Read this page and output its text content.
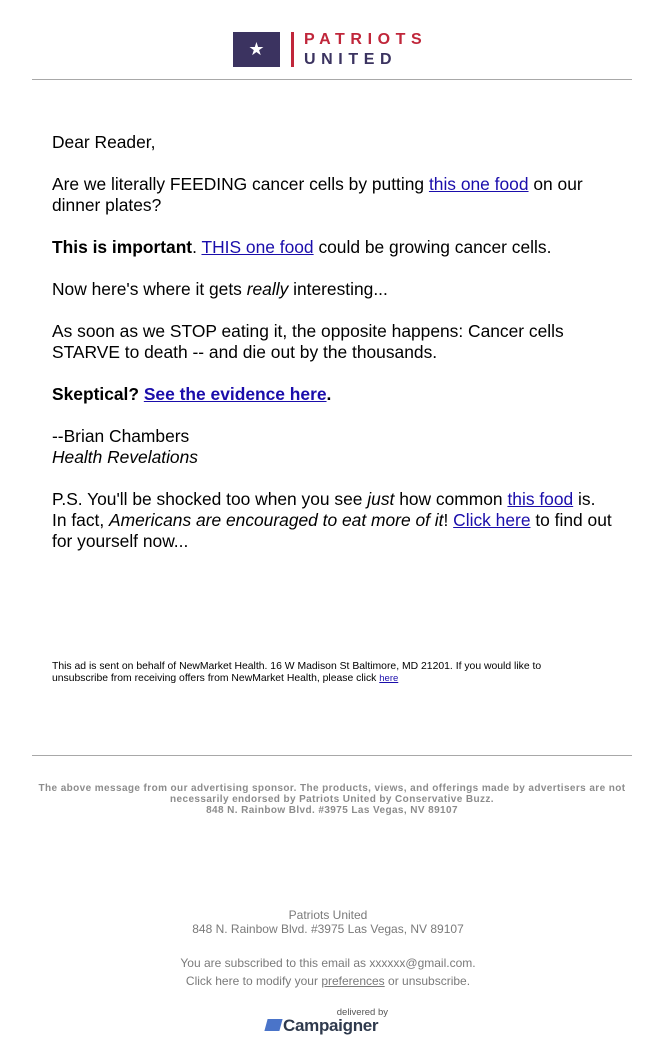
★	PATRIOTS
UNITED

Dear Reader,

Are we literally FEEDING cancer cells by putting this one food on our dinner plates?

This is important. THIS one food could be growing cancer cells.

Now here's where it gets really interesting...

As soon as we STOP eating it, the opposite happens: Cancer cells STARVE to death -- and die out by the thousands.

Skeptical? See the evidence here.

--Brian Chambers
Health Revelations

P.S. You'll be shocked too when you see just how common this food is. In fact, Americans are encouraged to eat more of it! Click here to find out for yourself now...

This ad is sent on behalf of NewMarket Health. 16 W Madison St Baltimore, MD 21201. If you would like to unsubscribe from receiving offers from NewMarket Health, please click here
The above message from our advertising sponsor. The products, views, and offerings made by advertisers are not necessarily endorsed by Patriots United by Conservative Buzz.
848 N. Rainbow Blvd. #3975 Las Vegas, NV 89107
Patriots United
848 N. Rainbow Blvd. #3975 Las Vegas, NV 89107
You are subscribed to this email as xxxxxx@gmail.com.
Click here to modify your preferences or unsubscribe.
delivered by
Campaigner
